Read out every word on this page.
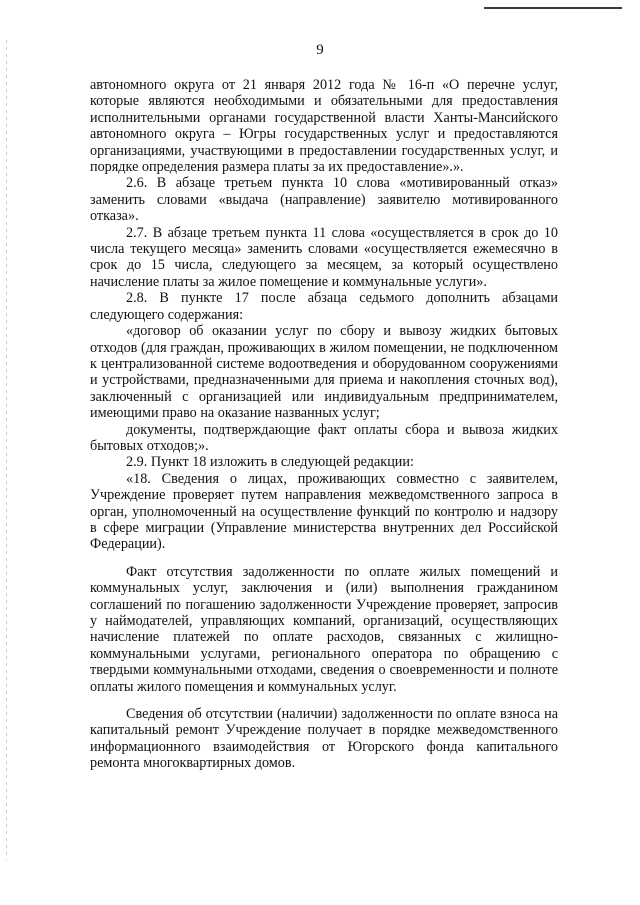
9

автономного округа от 21 января 2012 года № 16-п «О перечне услуг, которые являются необходимыми и обязательными для предоставления исполнительными органами государственной власти Ханты-Мансийского автономного округа – Югры государственных услуг и предоставляются организациями, участвующими в предоставлении государственных услуг, и порядке определения размера платы за их предоставление».».

2.6. В абзаце третьем пункта 10 слова «мотивированный отказ» заменить словами «выдача (направление) заявителю мотивированного отказа».

2.7. В абзаце третьем пункта 11 слова «осуществляется в срок до 10 числа текущего месяца» заменить словами «осуществляется ежемесячно в срок до 15 числа, следующего за месяцем, за который осуществлено начисление платы за жилое помещение и коммунальные услуги».

2.8. В пункте 17 после абзаца седьмого дополнить абзацами следующего содержания:

«договор об оказании услуг по сбору и вывозу жидких бытовых отходов (для граждан, проживающих в жилом помещении, не подключенном к централизованной системе водоотведения и оборудованном сооружениями и устройствами, предназначенными для приема и накопления сточных вод), заключенный с организацией или индивидуальным предпринимателем, имеющими право на оказание названных услуг;

документы, подтверждающие факт оплаты сбора и вывоза жидких бытовых отходов;».

2.9. Пункт 18 изложить в следующей редакции:

«18. Сведения о лицах, проживающих совместно с заявителем, Учреждение проверяет путем направления межведомственного запроса в орган, уполномоченный на осуществление функций по контролю и надзору в сфере миграции (Управление министерства внутренних дел Российской Федерации).

Факт отсутствия задолженности по оплате жилых помещений и коммунальных услуг, заключения и (или) выполнения гражданином соглашений по погашению задолженности Учреждение проверяет, запросив у наймодателей, управляющих компаний, организаций, осуществляющих начисление платежей по оплате расходов, связанных с жилищно-коммунальными услугами, регионального оператора по обращению с твердыми коммунальными отходами, сведения о своевременности и полноте оплаты жилого помещения и коммунальных услуг.

Сведения об отсутствии (наличии) задолженности по оплате взноса на капитальный ремонт Учреждение получает в порядке межведомственного информационного взаимодействия от Югорского фонда капитального ремонта многоквартирных домов.
